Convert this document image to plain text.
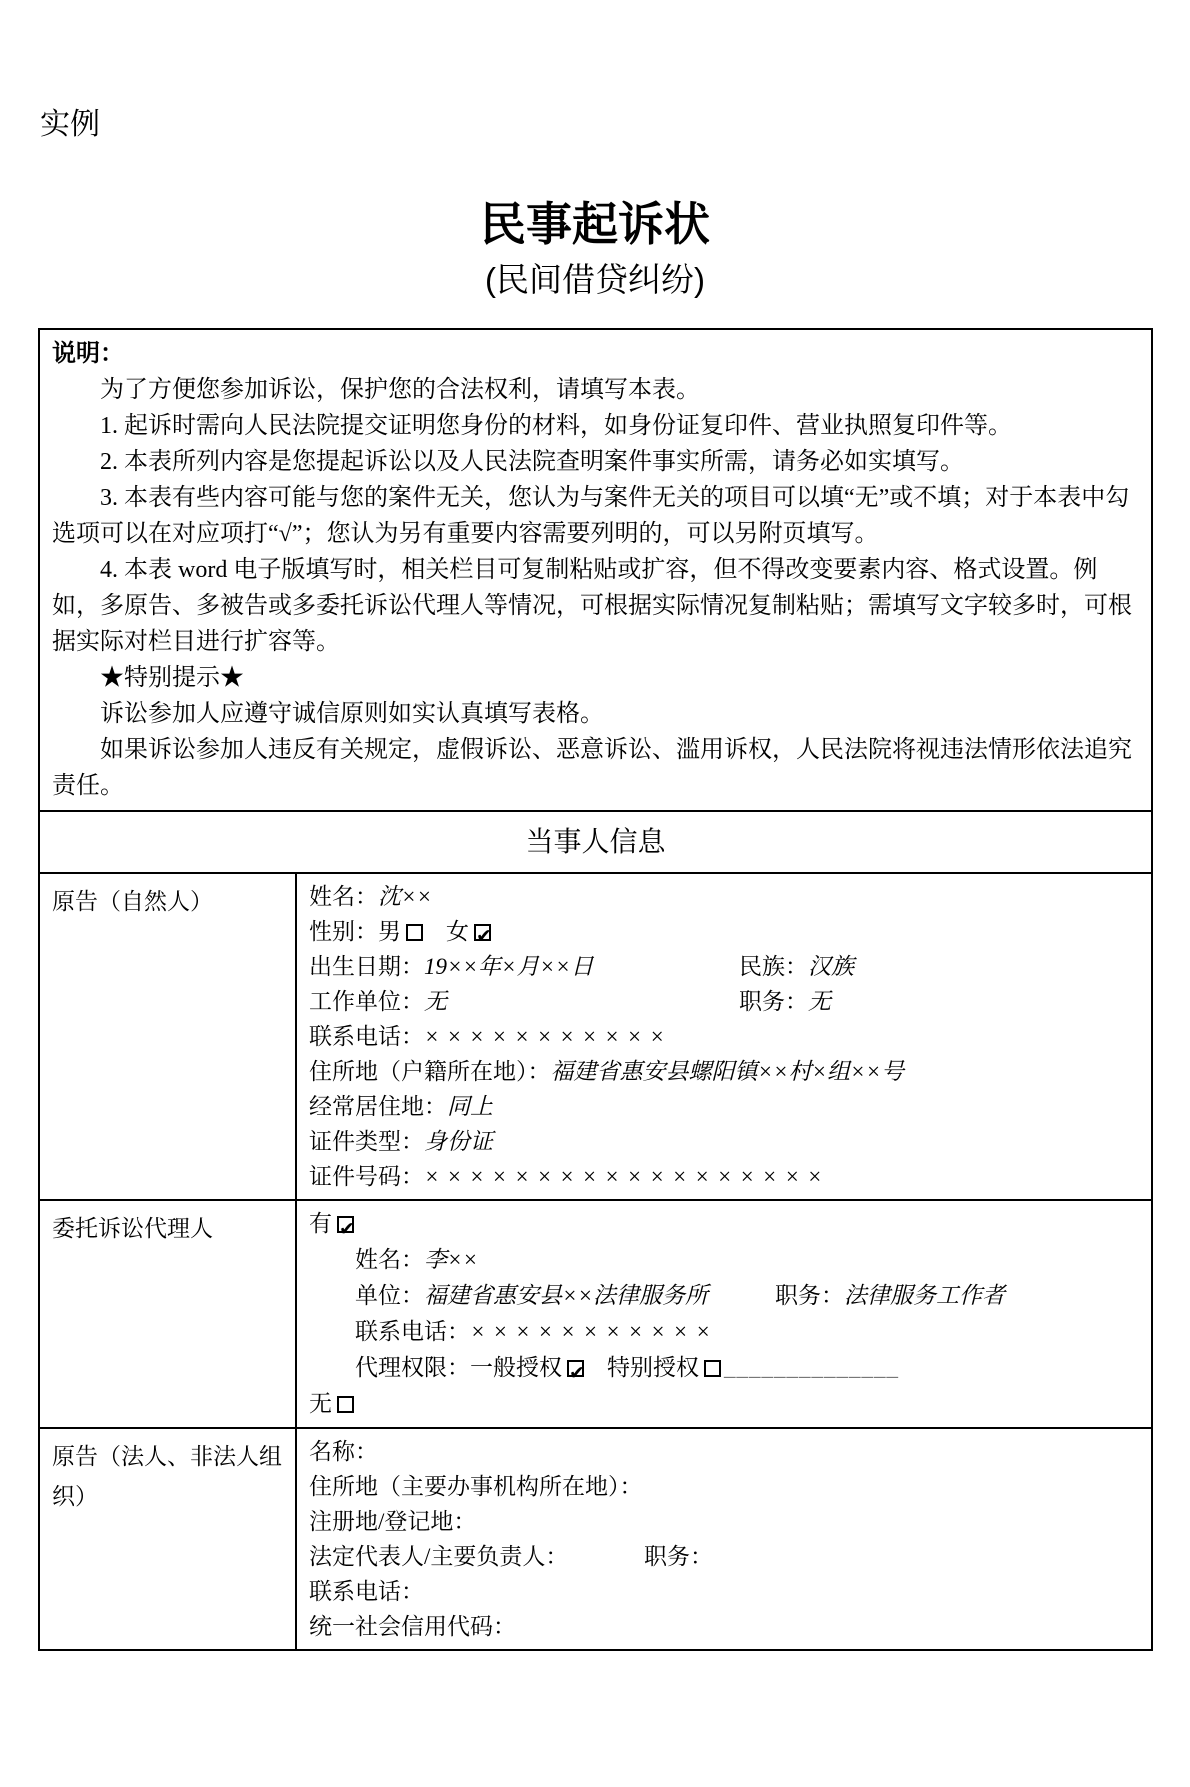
实例
民事起诉状
(民间借贷纠纷)
说明：

为了方便您参加诉讼，保护您的合法权利，请填写本表。

1. 起诉时需向人民法院提交证明您身份的材料，如身份证复印件、营业执照复印件等。

2. 本表所列内容是您提起诉讼以及人民法院查明案件事实所需，请务必如实填写。

3. 本表有些内容可能与您的案件无关，您认为与案件无关的项目可以填“无”或不填；对于本表中勾选项可以在对应项打“√”；您认为另有重要内容需要列明的，可以另附页填写。

4. 本表 word 电子版填写时，相关栏目可复制粘贴或扩容，但不得改变要素内容、格式设置。例如，多原告、多被告或多委托诉讼代理人等情况，可根据实际情况复制粘贴；需填写文字较多时，可根据实际对栏目进行扩容等。

★特别提示★

诉讼参加人应遵守诚信原则如实认真填写表格。

如果诉讼参加人违反有关规定，虚假诉讼、恶意诉讼、滥用诉权，人民法院将视违法情形依法追究责任。

当事人信息
原告（自然人）	姓名：沈××
性别：男 女✔
出生日期：19××年×月××日	民族：汉族
工作单位：无	职务：无
联系电话：×××××××××××
住所地（户籍所在地）：福建省惠安县螺阳镇××村×组××号
经常居住地：同上
证件类型：身份证
证件号码：××××××××××××××××××
委托诉讼代理人	有✔
姓名：李××
单位：福建省惠安县××法律服务所	职务：法律服务工作者
联系电话：×××××××××××
代理权限：一般授权 ✔ 特别授权 ______________
无
原告（法人、非法人组织）
名称：
住所地（主要办事机构所在地）：
注册地/登记地：
法定代表人/主要负责人：	职务：
联系电话：
统一社会信用代码：
